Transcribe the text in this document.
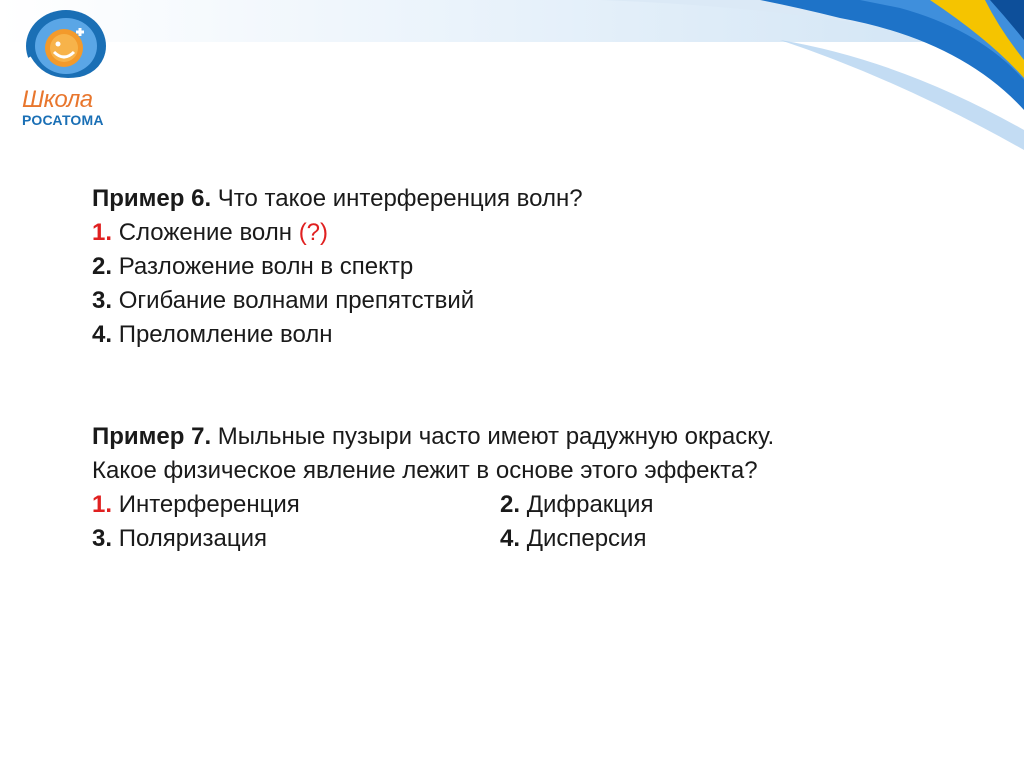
Школа
РОСАТОМА
Пример 6. Что такое интерференция волн?
1. Сложение волн (?)
2. Разложение волн в спектр
3. Огибание волнами препятствий
4. Преломление волн
Пример 7. Мыльные пузыри часто имеют радужную окраску.
Какое физическое явление лежит в основе этого эффекта?
1. Интерференция	2. Дифракция
3. Поляризация	4. Дисперсия
